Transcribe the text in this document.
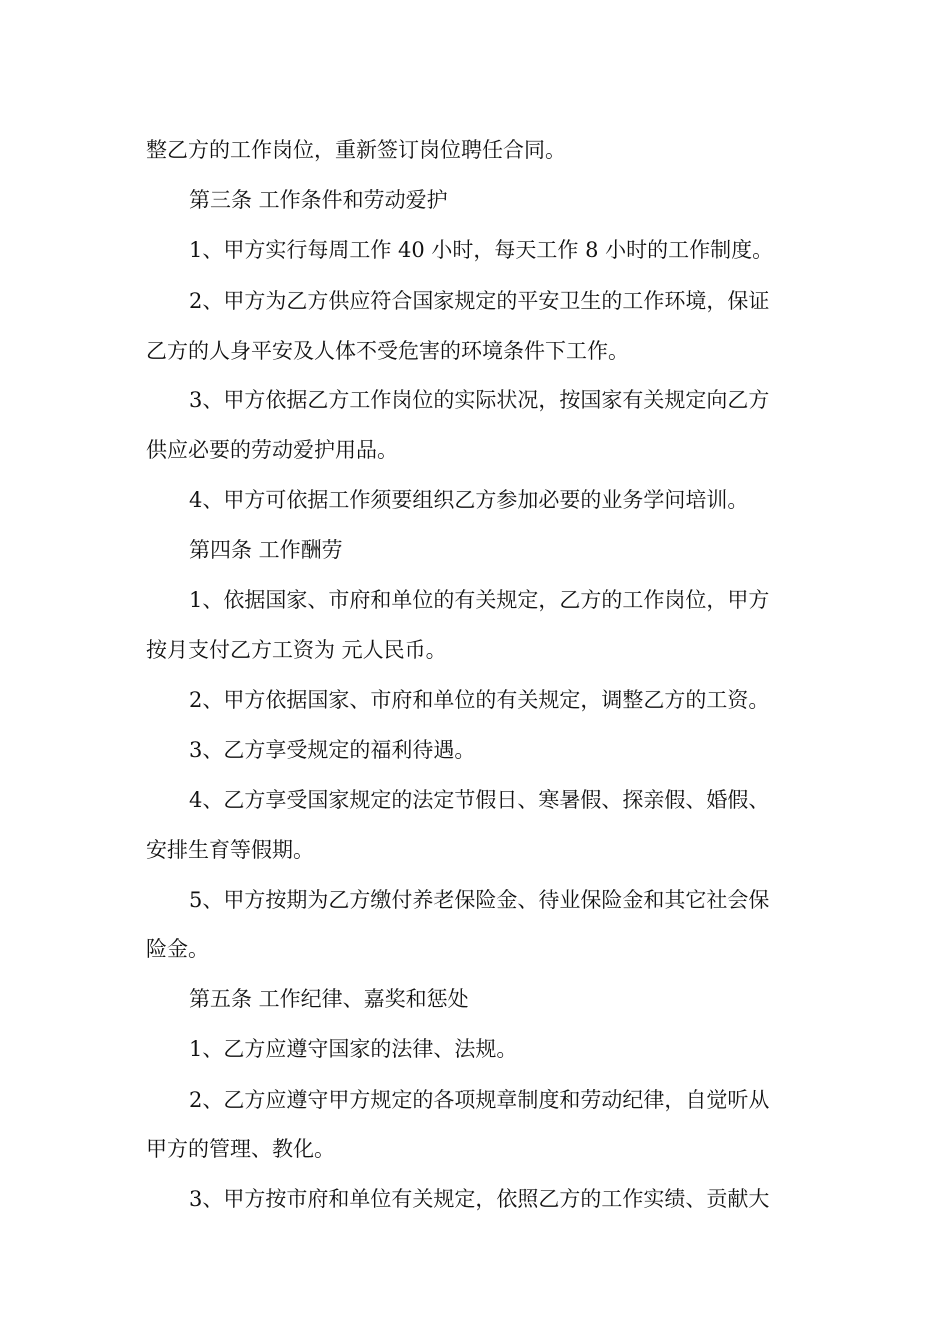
整乙方的工作岗位，重新签订岗位聘任合同。
第三条 工作条件和劳动爱护
1、甲方实行每周工作 40 小时，每天工作 8 小时的工作制度。
2、甲方为乙方供应符合国家规定的平安卫生的工作环境，保证
乙方的人身平安及人体不受危害的环境条件下工作。
3、甲方依据乙方工作岗位的实际状况，按国家有关规定向乙方
供应必要的劳动爱护用品。
4、甲方可依据工作须要组织乙方参加必要的业务学问培训。
第四条 工作酬劳
1、依据国家、市府和单位的有关规定，乙方的工作岗位，甲方
按月支付乙方工资为 元人民币。
2、甲方依据国家、市府和单位的有关规定，调整乙方的工资。
3、乙方享受规定的福利待遇。
4、乙方享受国家规定的法定节假日、寒暑假、探亲假、婚假、
安排生育等假期。
5、甲方按期为乙方缴付养老保险金、待业保险金和其它社会保
险金。
第五条 工作纪律、嘉奖和惩处
1、乙方应遵守国家的法律、法规。
2、乙方应遵守甲方规定的各项规章制度和劳动纪律，自觉听从
甲方的管理、教化。
3、甲方按市府和单位有关规定，依照乙方的工作实绩、贡献大
